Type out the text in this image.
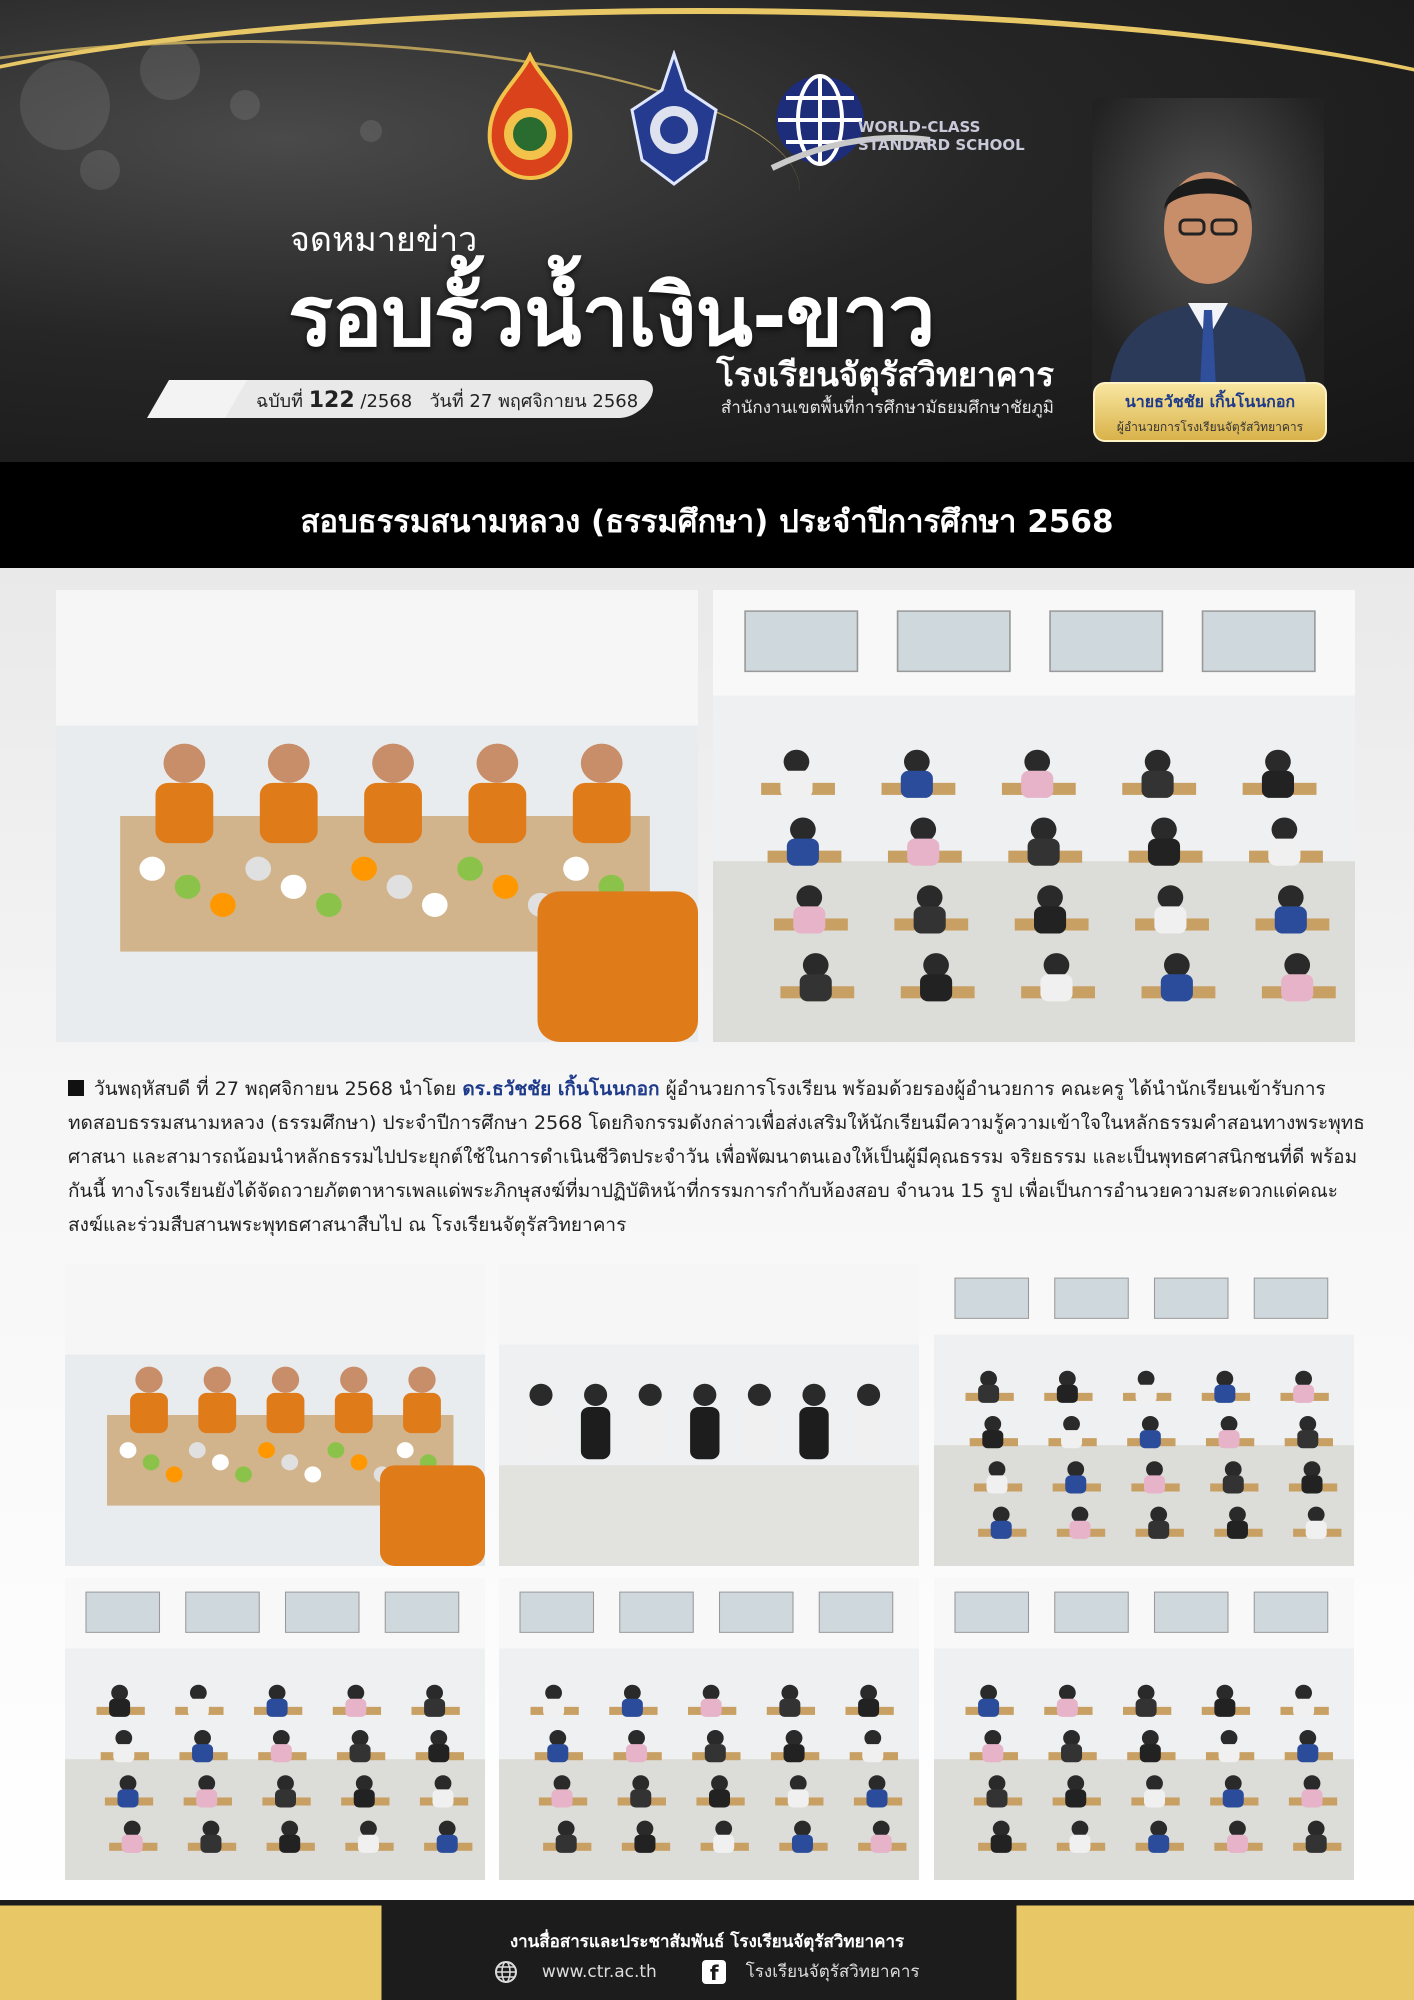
WORLD-CLASS STANDARD SCHOOL
จดหมายข่าว
รอบรั้วน้ำเงิน-ขาว
โรงเรียนจัตุรัสวิทยาคาร
สำนักงานเขตพื้นที่การศึกษามัธยมศึกษาชัยภูมิ
ฉบับที่ 122 /2568 วันที่ 27 พฤศจิกายน 2568	นายธวัชชัย เกิ้นโนนกอก
ผู้อำนวยการโรงเรียนจัตุรัสวิทยาคาร
สอบธรรมสนามหลวง (ธรรมศึกษา) ประจำปีการศึกษา 2568
วันพฤหัสบดี ที่ 27 พฤศจิกายน 2568 นำโดย ดร.ธวัชชัย เกิ้นโนนกอก ผู้อำนวยการโรงเรียน พร้อมด้วยรองผู้อำนวยการ คณะครู ได้นำนักเรียนเข้ารับการทดสอบธรรมสนามหลวง (ธรรมศึกษา) ประจำปีการศึกษา 2568 โดยกิจกรรมดังกล่าวเพื่อส่งเสริมให้นักเรียนมีความรู้ความเข้าใจในหลักธรรมคำสอนทางพระพุทธศาสนา และสามารถน้อมนำหลักธรรมไปประยุกต์ใช้ในการดำเนินชีวิตประจำวัน เพื่อพัฒนาตนเองให้เป็นผู้มีคุณธรรม จริยธรรม และเป็นพุทธศาสนิกชนที่ดี พร้อมกันนี้ ทางโรงเรียนยังได้จัดถวายภัตตาหารเพลแด่พระภิกษุสงฆ์ที่มาปฏิบัติหน้าที่กรรมการกำกับห้องสอบ จำนวน 15 รูป เพื่อเป็นการอำนวยความสะดวกแด่คณะสงฆ์และร่วมสืบสานพระพุทธศาสนาสืบไป ณ โรงเรียนจัตุรัสวิทยาคาร
งานสื่อสารและประชาสัมพันธ์ โรงเรียนจัตุรัสวิทยาคาร
www.ctr.ac.th	f โรงเรียนจัตุรัสวิทยาคาร
